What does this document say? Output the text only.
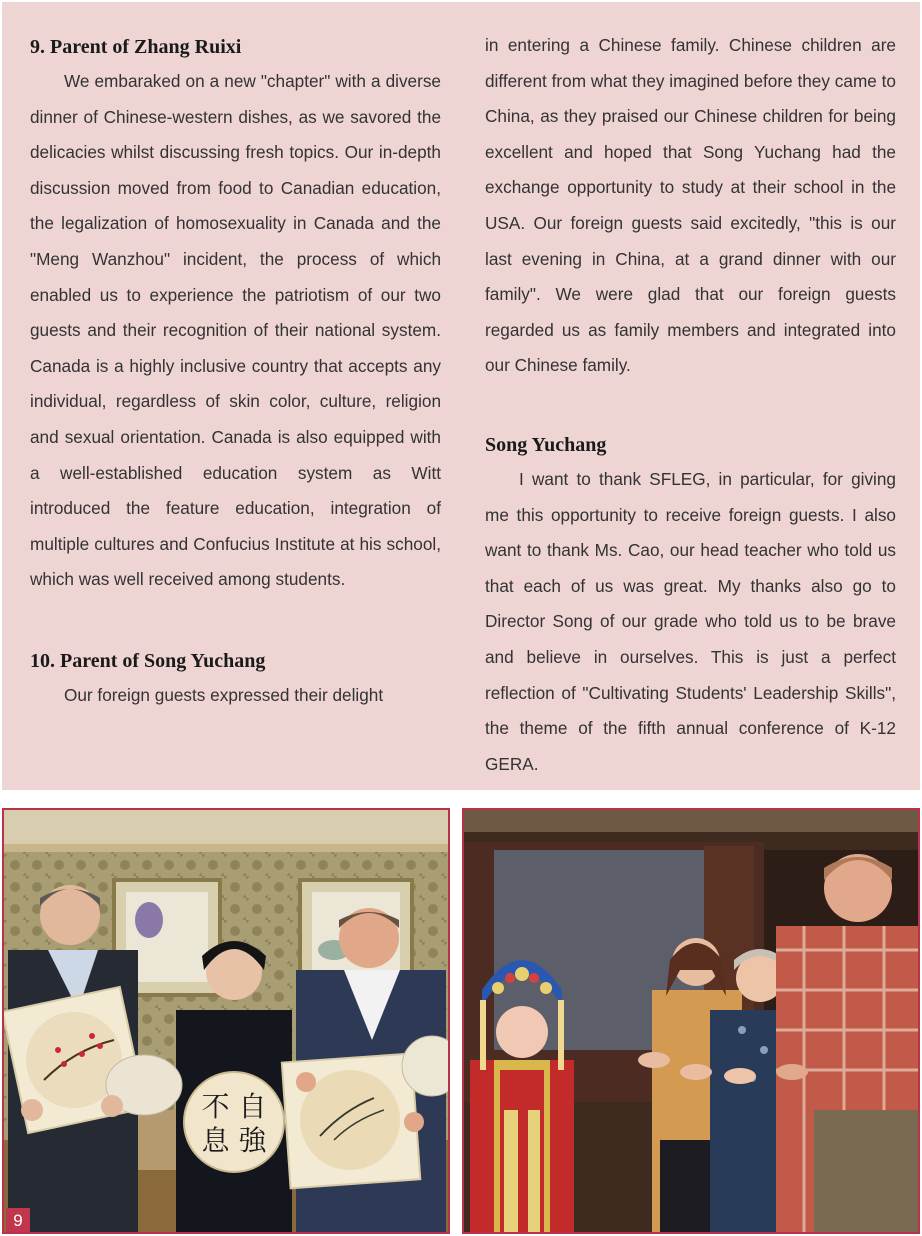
9. Parent of Zhang Ruixi

We embaraked on a new "chapter" with a diverse dinner of Chinese-western dishes, as we savored the delicacies whilst discussing fresh topics. Our in-depth discussion moved from food to Canadian education, the legalization of homosexuality in Canada and the "Meng Wanzhou" incident, the process of which enabled us to experience the patriotism of our two guests and their recognition of their national system. Canada is a highly inclusive country that accepts any individual, regardless of skin color, culture, religion and sexual orientation. Canada is also equipped with a well-established education system as Witt introduced the feature education, integration of multiple cultures and Confucius Institute at his school, which was well received among students.

10. Parent of Song Yuchang

Our foreign guests expressed their delight

in entering a Chinese family. Chinese children are different from what they imagined before they came to China, as they praised our Chinese children for being excellent and hoped that Song Yuchang had the exchange opportunity to study at their school in the USA. Our foreign guests said excitedly, "this is our last evening in China, at a grand dinner with our family". We were glad that our foreign guests regarded us as family members and integrated into our Chinese family.

Song Yuchang

I want to thank SFLEG, in particular, for giving me this opportunity to receive foreign guests. I also want to thank Ms. Cao, our head teacher who told us that each of us was great. My thanks also go to Director Song of our grade who told us to be brave and believe in ourselves. This is just a perfect reflection of "Cultivating Students' Leadership Skills", the theme of the fifth annual conference of K-12 GERA.

不 自
息 強
9
